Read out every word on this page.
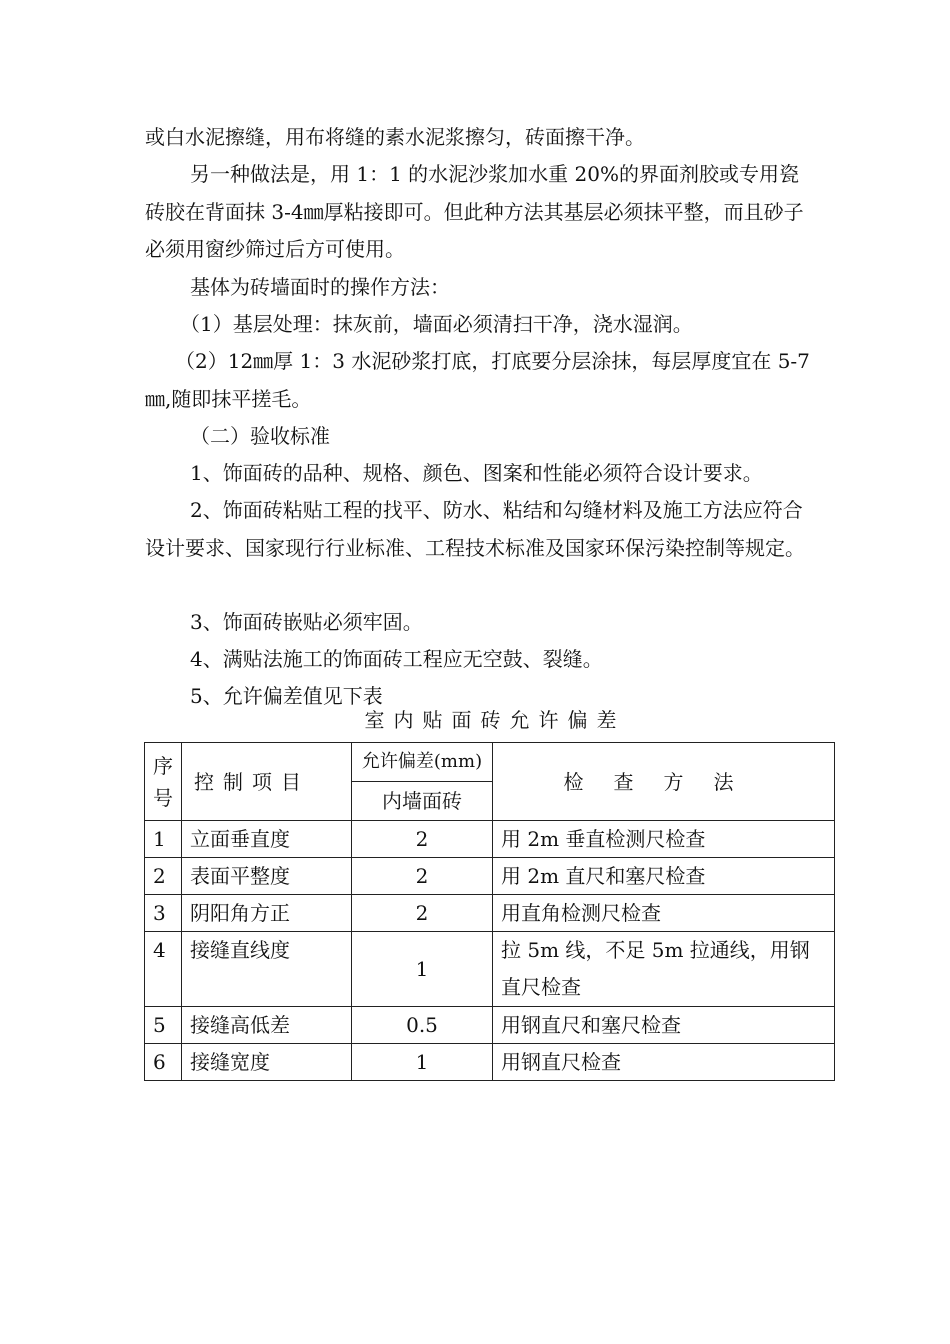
或白水泥擦缝，用布将缝的素水泥浆擦匀，砖面擦干净。

另一种做法是，用 1：1 的水泥沙浆加水重 20%的界面剂胶或专用瓷砖胶在背面抹 3-4㎜厚粘接即可。但此种方法其基层必须抹平整，而且砂子必须用窗纱筛过后方可使用。

基体为砖墙面时的操作方法：

（1）基层处理：抹灰前，墙面必须清扫干净，浇水湿润。

（2）12㎜厚 1：3 水泥砂浆打底，打底要分层涂抹，每层厚度宜在 5-7㎜,随即抹平搓毛。

（二）验收标准

1、饰面砖的品种、规格、颜色、图案和性能必须符合设计要求。

2、饰面砖粘贴工程的找平、防水、粘结和勾缝材料及施工方法应符合设计要求、国家现行行业标准、工程技术标准及国家环保污染控制等规定。

3、饰面砖嵌贴必须牢固。

4、满贴法施工的饰面砖工程应无空鼓、裂缝。

5、允许偏差值见下表

室内贴面砖允许偏差
序号	控制项目	允许偏差(mm)	检查方法
		内墙面砖	
1	立面垂直度	2	用 2m 垂直检测尺检查
2	表面平整度	2	用 2m 直尺和塞尺检查
3	阴阳角方正	2	用直角检测尺检查
4	接缝直线度	1	拉 5m 线，不足 5m 拉通线，用钢直尺检查
5	接缝高低差	0.5	用钢直尺和塞尺检查
6	接缝宽度	1	用钢直尺检查
